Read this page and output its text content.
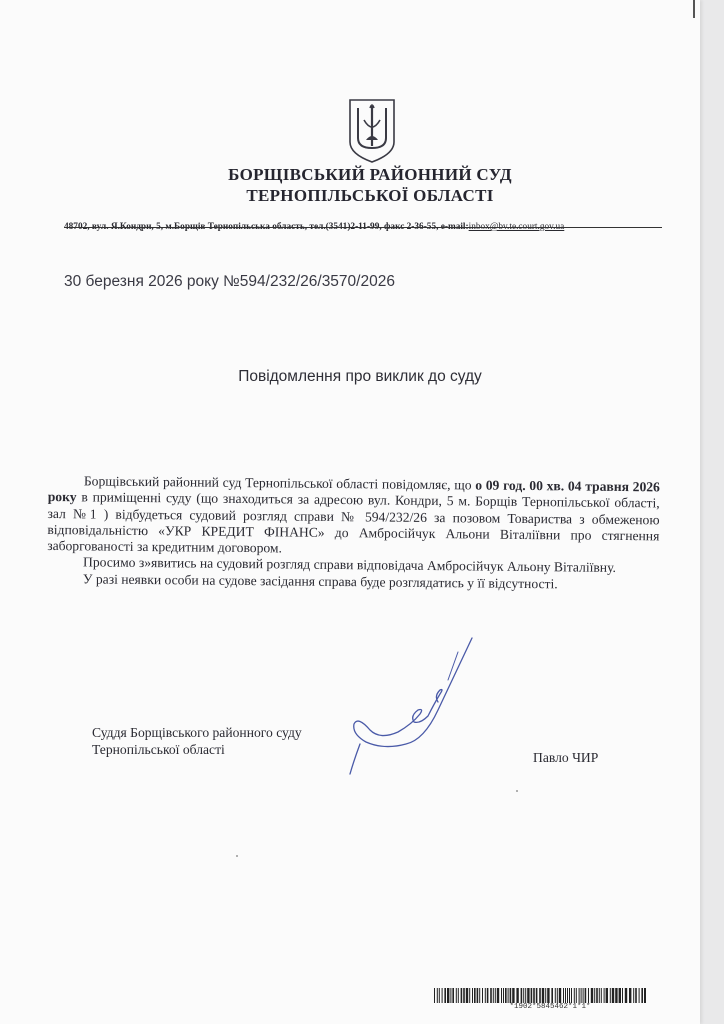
БОРЩІВСЬКИЙ РАЙОННИЙ СУД
ТЕРНОПІЛЬСЬКОЇ ОБЛАСТІ
48702, вул. Я.Кондри, 5, м.Борщів Тернопільська область, тел.(3541)2-11-99, факс 2-36-55, e-mail:inbox@bv.te.court.gov.ua
30 березня 2026 року №594/232/26/3570/2026
Повідомлення про виклик до суду

Борщівський районний суд Тернопільської області повідомляє, що о 09 год. 00 хв. 04 травня 2026 року в приміщенні суду (що знаходиться за адресою вул. Кондри, 5 м. Борщів Тернопільської області, зал №1 ) відбудеться судовий розгляд справи № 594/232/26 за позовом Товариства з обмеженою відповідальністю «УКР КРЕДИТ ФІНАНС» до Амбросійчук Альони Віталіївни про стягнення заборгованості за кредитним договором.

Просимо з»явитись на судовий розгляд справи відповідача Амбросійчук Альону Віталіївну.

У разі неявки особи на судове засідання справа буде розглядатись у її відсутності.

Суддя Борщівського районного суду
Тернопільської області
Павло ЧИР
*1902*5845462*1*1*
